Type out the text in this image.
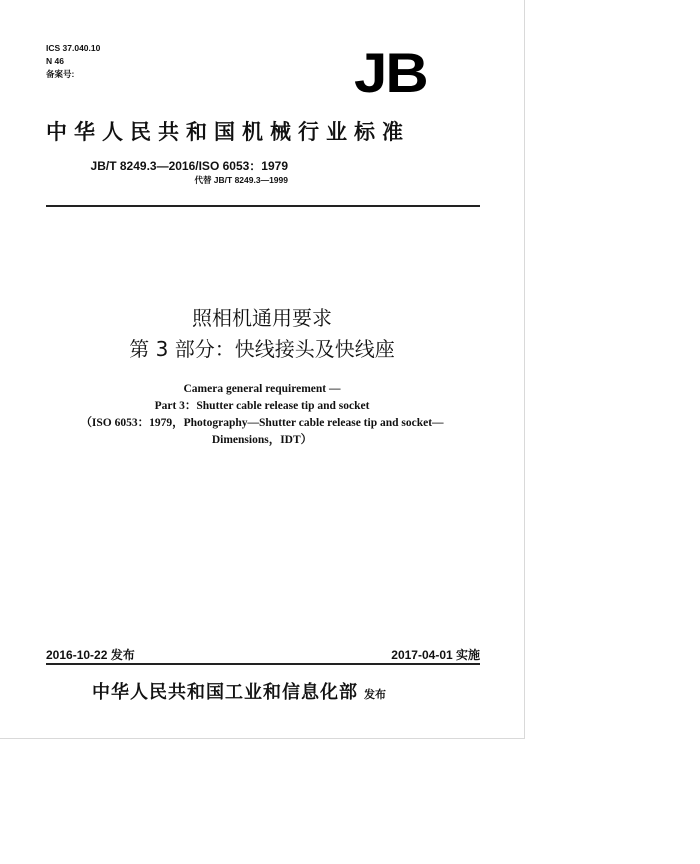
ICS 37.040.10
N 46
备案号:	JB
中华人民共和国机械行业标准
JB/T 8249.3—2016/ISO 6053：1979
代替 JB/T 8249.3—1999
照相机通用要求
第 3 部分：快线接头及快线座
Camera general requirement —
Part 3：Shutter cable release tip and socket
（ISO 6053：1979，Photography—Shutter cable release tip and socket—
Dimensions，IDT）
2016-10-22 发布	2017-04-01 实施
中华人民共和国工业和信息化部 发布
